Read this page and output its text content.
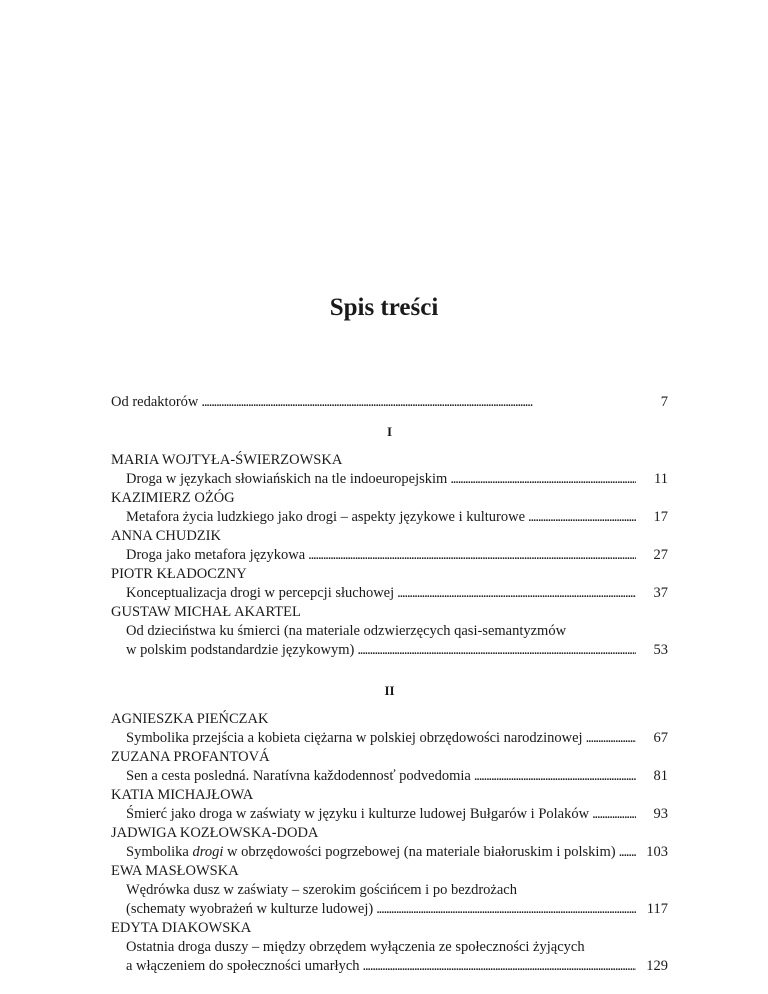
Spis treści
Od redaktorów . . .	7
I
MARIA WOJTYŁA-ŚWIERZOWSKA
Droga w językach słowiańskich na tle indoeuropejskim . . .	11
KAZIMIERZ OŻÓG
Metafora życia ludzkiego jako drogi – aspekty językowe i kulturowe . . .	17
ANNA CHUDZIK
Droga jako metafora językowa . . .	27
PIOTR KŁADOCZNY
Konceptualizacja drogi w percepcji słuchowej . . .	37
GUSTAW MICHAŁ AKARTEL
Od dzieciństwa ku śmierci (na materiale odzwierzęcych qasi-semantyzmów
w polskim podstandardzie językowym) . . .	53
II
AGNIESZKA PIEŃCZAK
Symbolika przejścia a kobieta ciężarna w polskiej obrzędowości narodzinowej . . .	67
ZUZANA PROFANTOVÁ
Sen a cesta posledná. Naratívna každodennosť podvedomia . . .	81
KATIA MICHAJŁOWA
Śmierć jako droga w zaświaty w języku i kulturze ludowej Bułgarów i Polaków . . .	93
JADWIGA KOZŁOWSKA-DODA
Symbolika drogi w obrzędowości pogrzebowej (na materiale białoruskim i polskim) . . .	103
EWA MASŁOWSKA
Wędrówka dusz w zaświaty – szerokim gościńcem i po bezdrożach
(schematy wyobrażeń w kulturze ludowej) . . .	117
EDYTA DIAKOWSKA
Ostatnia droga duszy – między obrzędem wyłączenia ze społeczności żyjących
a włączeniem do społeczności umarłych . . .	129
